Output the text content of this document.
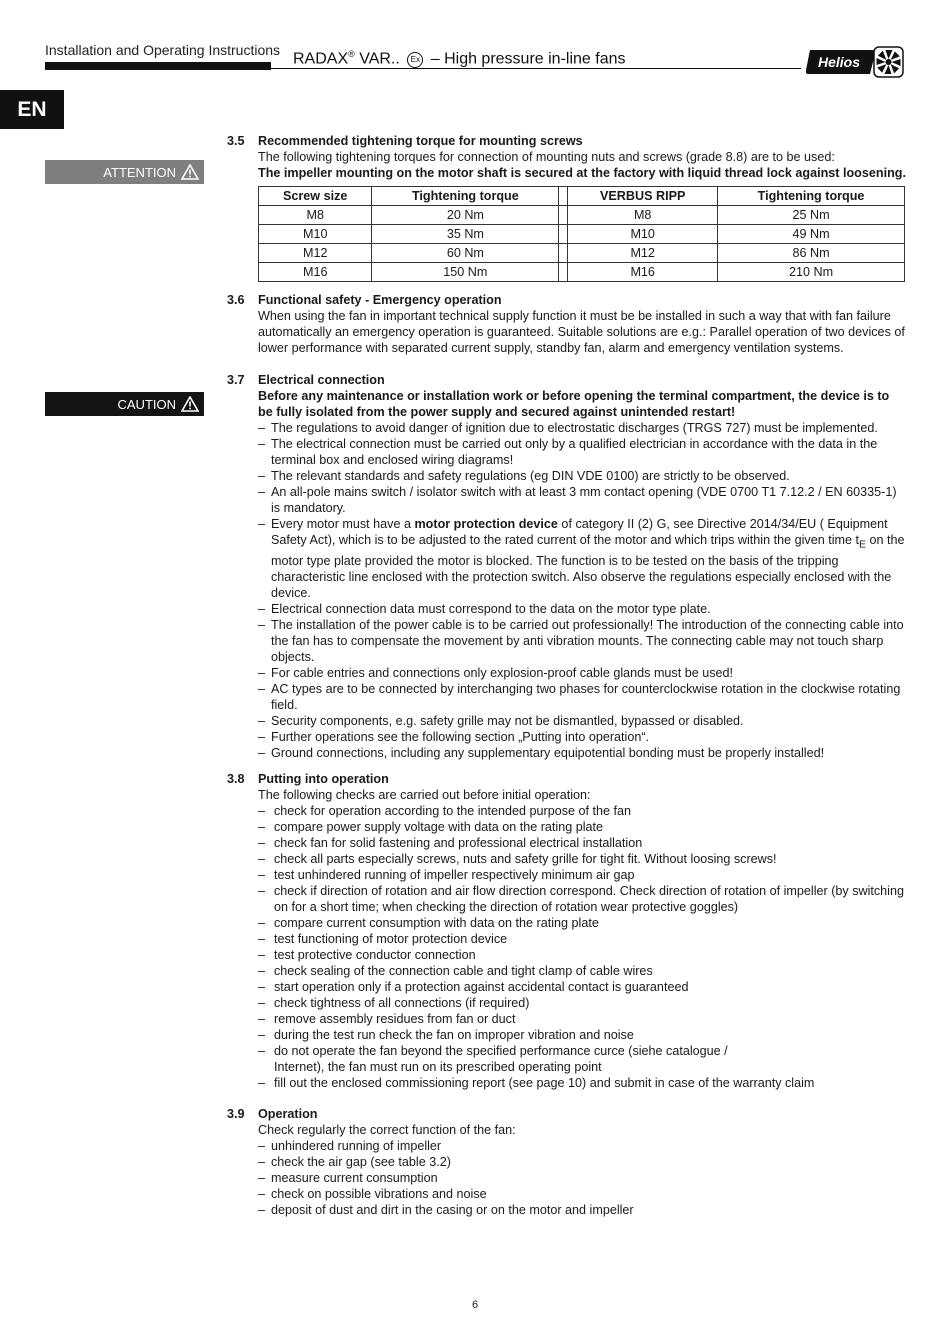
Installation and Operating Instructions
RADAX® VAR.. Ex – High pressure in-line fans	Helios
EN
ATTENTION
CAUTION
3.5 Recommended tightening torque for mounting screws

The following tightening torques for connection of mounting nuts and screws (grade 8.8) are to be used:

The impeller mounting on the motor shaft is secured at the factory with liquid thread lock against loosening.

Screw size	Tightening torque		VERBUS RIPP	Tightening torque
M8	20 Nm		M8	25 Nm
M10	35 Nm		M10	49 Nm
M12	60 Nm		M12	86 Nm
M16	150 Nm		M16	210 Nm
3.6 Functional safety - Emergency operation

When using the fan in important technical supply function it must be be installed in such a way that with fan failure automatically an emergency operation is guaranteed. Suitable solutions are e.g.: Parallel operation of two devices of lower performance with separated current supply, standby fan, alarm and emergency ventilation systems.

3.7 Electrical connection

Before any maintenance or installation work or before opening the terminal compartment, the device is to be fully isolated from the power supply and secured against unintended restart!

– The regulations to avoid danger of ignition due to electrostatic discharges (TRGS 727) must be implemented.
– The electrical connection must be carried out only by a qualified electrician in accordance with the data in the terminal box and enclosed wiring diagrams!
– The relevant standards and safety regulations (eg DIN VDE 0100) are strictly to be observed.
– An all-pole mains switch / isolator switch with at least 3 mm contact opening (VDE 0700 T1 7.12.2 / EN 60335-1) is mandatory.
– Every motor must have a motor protection device of category II (2) G, see Directive 2014/34/EU ( Equipment Safety Act), which is to be adjusted to the rated current of the motor and which trips within the given time $t_E$ on the motor type plate provided the motor is blocked. The function is to be tested on the basis of the tripping characteristic line enclosed with the protection switch. Also observe the regulations especially enclosed with the device.
– Electrical connection data must correspond to the data on the motor type plate.
– The installation of the power cable is to be carried out professionally! The introduction of the connecting cable into the fan has to compensate the movement by anti vibration mounts. The connecting cable may not touch sharp objects.
– For cable entries and connections only explosion-proof cable glands must be used!
– AC types are to be connected by interchanging two phases for counterclockwise rotation in the clockwise rotating field.
– Security components, e.g. safety grille may not be dismantled, bypassed or disabled.
– Further operations see the following section „Putting into operation“.
– Ground connections, including any supplementary equipotential bonding must be properly installed!
3.8 Putting into operation

The following checks are carried out before initial operation:

– check for operation according to the intended purpose of the fan
– compare power supply voltage with data on the rating plate
– check fan for solid fastening and professional electrical installation
– check all parts especially screws, nuts and safety grille for tight fit. Without loosing screws!
– test unhindered running of impeller respectively minimum air gap
– check if direction of rotation and air flow direction correspond. Check direction of rotation of impeller (by switching on for a short time; when checking the direction of rotation wear protective goggles)
– compare current consumption with data on the rating plate
– test functioning of motor protection device
– test protective conductor connection
– check sealing of the connection cable and tight clamp of cable wires
– start operation only if a protection against accidental contact is guaranteed
– check tightness of all connections (if required)
– remove assembly residues from fan or duct
– during the test run check the fan on improper vibration and noise
– do not operate the fan beyond the specified performance curce (siehe catalogue / Internet), the fan must run on its prescribed operating point
– fill out the enclosed commissioning report (see page 10) and submit in case of the warranty claim
3.9 Operation

Check regularly the correct function of the fan:

– unhindered running of impeller
– check the air gap (see table 3.2)
– measure current consumption
– check on possible vibrations and noise
– deposit of dust and dirt in the casing or on the motor and impeller
6
